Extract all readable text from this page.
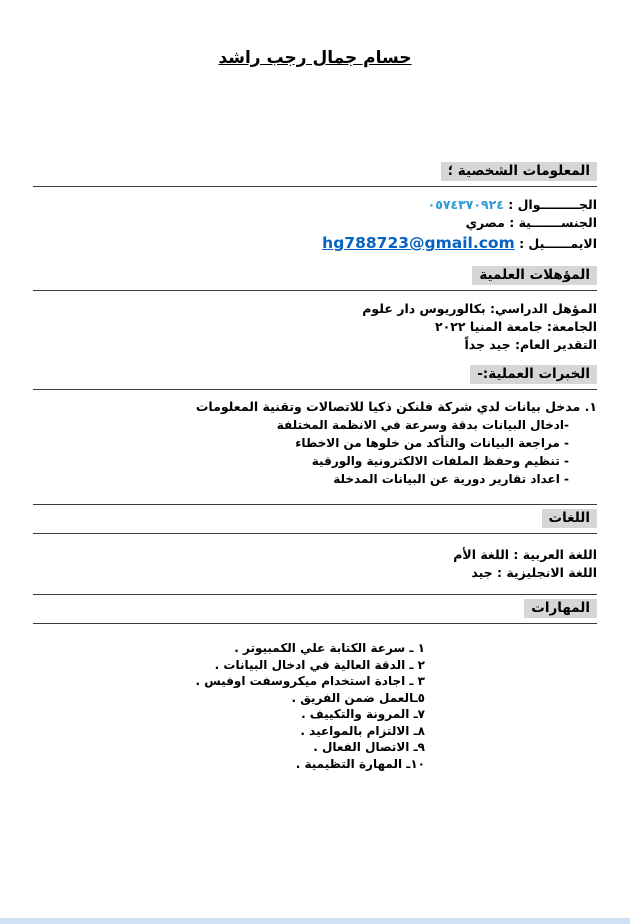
حسام جمال رجب راشد
المعلومات الشخصية ؛
الجـــــــــوال : ٠٥٧٤٣٧٠٩٢٤
الجنســـــــية : مصري
الايمــــــيل : hg788723@gmail.com
المؤهلات العلمية
المؤهل الدراسي: بكالوريوس دار علوم
الجامعة: جامعة المنيا ٢٠٢٢
التقدير العام: جيد جداً
الخبرات العملية:-
١. مدخل بيانات لدي شركة فلنكن ذكيا للاتصالات وتقنية المعلومات
-ادخال البيانات بدقة وسرعة في الانظمة المختلفة
- مراجعة البيانات والتأكد من خلوها من الاخطاء
- تنظيم وحفظ الملفات الالكترونية والورقية
- اعداد تقارير دورية عن البيانات المدخلة
اللغات
اللغة العربية : اللغة الأم
اللغة الانجليزية : جيد
المهارات
١ ـ سرعة الكتابة علي الكمبيوتر .
٢ ـ الدقة العالية في ادخال البيانات .
٣ ـ اجادة استخدام ميكروسفت اوفيس .
٥ـالعمل ضمن الفريق .
٧ـ المرونة والتكييف .
٨ـ الالتزام بالمواعيد .
٩ـ الاتصال الفعال .
١٠ـ المهارة التظيمية .
